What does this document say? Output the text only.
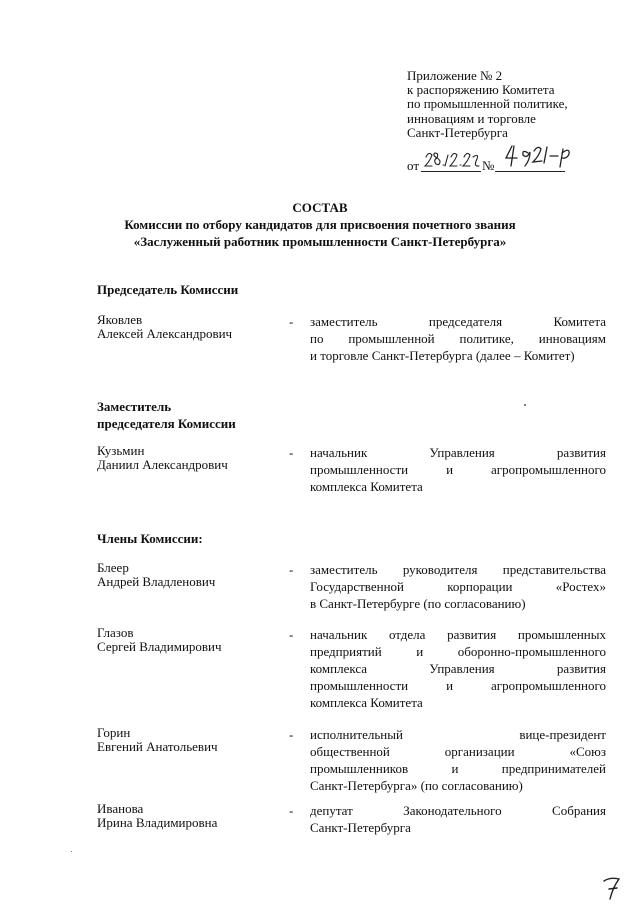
Приложение № 2
к распоряжению Комитета
по промышленной политике,
инновациям и торговле
Санкт-Петербурга
от	№
СОСТАВ
Комиссии по отбору кандидатов для присвоения почетного звания
«Заслуженный работник промышленности Санкт-Петербурга»
Председатель Комиссии
Яковлев
Алексей Александрович
- заместитель председателя Комитета
по промышленной политике, инновациям
и торговле Санкт-Петербурга (далее – Комитет)
Заместитель
председателя Комиссии
Кузьмин
Даниил Александрович
- начальник Управления развития
промышленности и агропромышленного
комплекса Комитета
Члены Комиссии:
Блеер
Андрей Владленович
- заместитель руководителя представительства
Государственной корпорации «Ростех»
в Санкт-Петербурге (по согласованию)
Глазов
Сергей Владимирович
- начальник отдела развития промышленных
предприятий и оборонно-промышленного
комплекса Управления развития
промышленности и агропромышленного
комплекса Комитета
Горин
Евгений Анатольевич
- исполнительный вице-президент
общественной организации «Союз
промышленников и предпринимателей
Санкт-Петербурга» (по согласованию)
Иванова
Ирина Владимировна
- депутат Законодательного Собрания
Санкт-Петербурга
